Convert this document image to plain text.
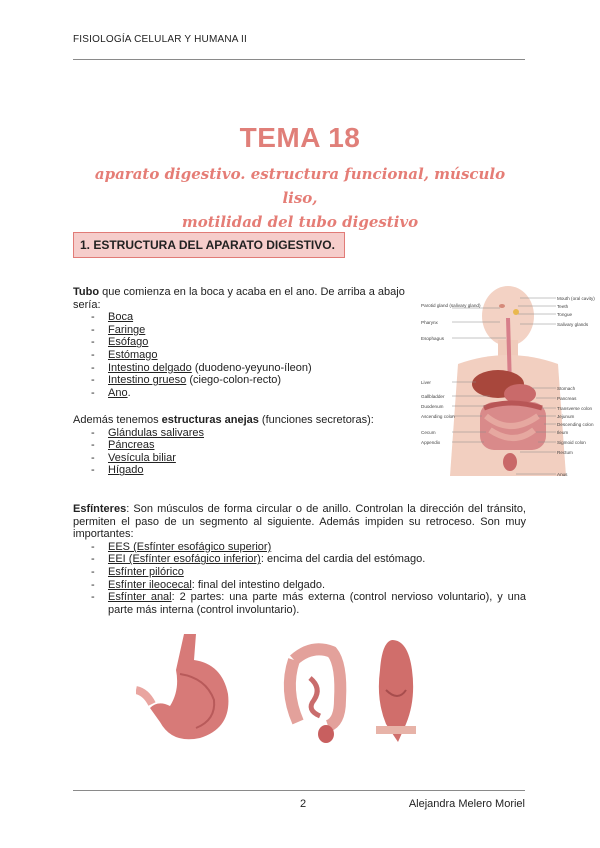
FISIOLOGÍA CELULAR Y HUMANA II
TEMA 18
aparato digestivo. estructura funcional, músculo liso,
motilidad del tubo digestivo
1. ESTRUCTURA DEL APARATO DIGESTIVO.

Tubo que comienza en la boca y acaba en el ano. De arriba a abajo sería:

- Boca
- Faringe
- Esófago
- Estómago
- Intestino delgado (duodeno-yeyuno-íleon)
- Intestino grueso (ciego-colon-recto)
- Ano.

Además tenemos estructuras anejas (funciones secretoras):

- Glándulas salivares
- Páncreas
- Vesícula biliar
- Hígado
Parotid gland (salivary gland)
Pharynx
Esophagus
Liver
Gallbladder
Duodenum
Ascending colon
Cecum
Appendix
Mouth (oral cavity)
Teeth
Tongue
Salivary glands
Stomach
Pancreas
Transverse colon
Jejunum
Descending colon
Ileum
Sigmoid colon
Rectum
Anus

Esfínteres: Son músculos de forma circular o de anillo. Controlan la dirección del tránsito, permiten el paso de un segmento al siguiente. Además impiden su retroceso. Son muy importantes:

- EES (Esfínter esofágico superior)
- EEI (Esfínter esofágico inferior): encima del cardia del estómago.
- Esfínter pilórico
- Esfínter ileocecal: final del intestino delgado.
- Esfínter anal: 2 partes: una parte más externa (control nervioso voluntario), y una parte más interna (control involuntario).
2	Alejandra Melero Moriel
